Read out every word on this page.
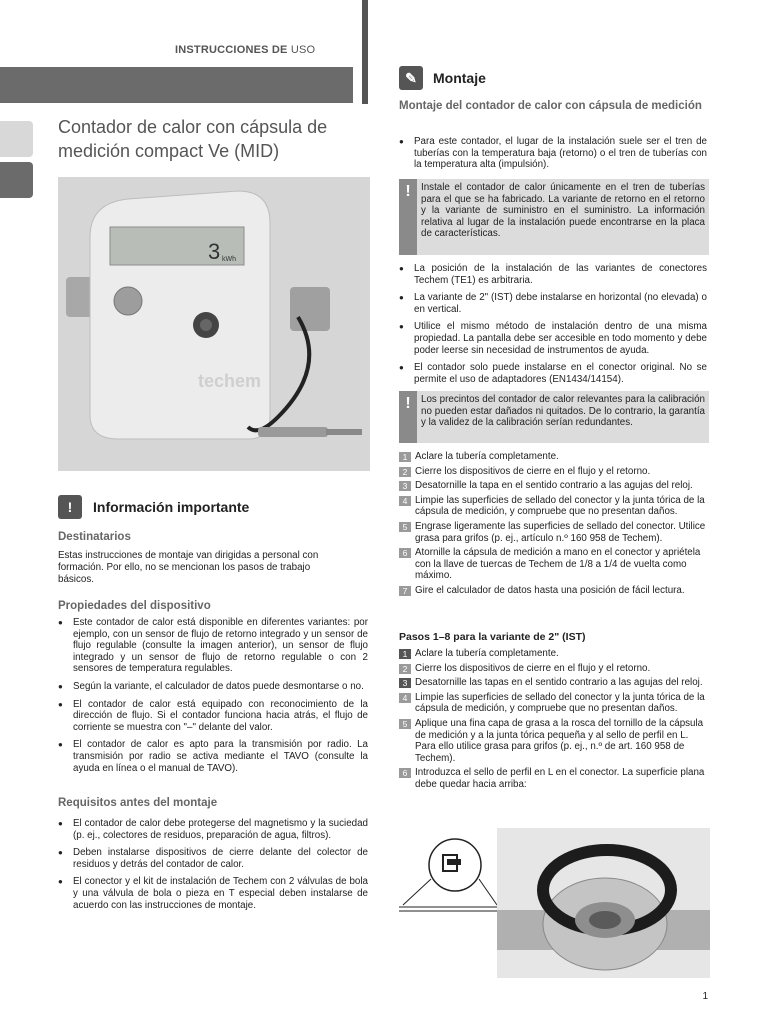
INSTRUCCIONES DE USO
Contador de calor con cápsula de medición compact Ve (MID)
3 kWh
techem
!	Información importante
Destinatarios
Estas instrucciones de montaje van dirigidas a personal con formación. Por ello, no se mencionan los pasos de trabajo básicos.
Propiedades del dispositivo
● Este contador de calor está disponible en diferentes variantes: por ejemplo, con un sensor de flujo de retorno integrado y un sensor de flujo regulable (consulte la imagen anterior), un sensor de flujo integrado y un sensor de flujo de retorno regulable o con 2 sensores de temperatura regulables.
● Según la variante, el calculador de datos puede desmontarse o no.
● El contador de calor está equipado con reconocimiento de la dirección de flujo. Si el contador funciona hacia atrás, el flujo de corriente se muestra con "–" delante del valor.
● El contador de calor es apto para la transmisión por radio. La transmisión por radio se activa mediante el TAVO (consulte la ayuda en línea o el manual de TAVO).
Requisitos antes del montaje
● El contador de calor debe protegerse del magnetismo y la suciedad (p. ej., colectores de residuos, preparación de agua, filtros).
● Deben instalarse dispositivos de cierre delante del colector de residuos y detrás del contador de calor.
● El conector y el kit de instalación de Techem con 2 válvulas de bola y una válvula de bola o pieza en T especial deben instalarse de acuerdo con las instrucciones de montaje.
✎	Montaje
Montaje del contador de calor con cápsula de medición
● Para este contador, el lugar de la instalación suele ser el tren de tuberías con la temperatura baja (retorno) o el tren de tuberías con la temperatura alta (impulsión).
!	Instale el contador de calor únicamente en el tren de tuberías para el que se ha fabricado. La variante de retorno en el retorno y la variante de suministro en el suministro. La información relativa al lugar de la instalación puede encontrarse en la placa de características.
● La posición de la instalación de las variantes de conectores Techem (TE1) es arbitraria.
● La variante de 2" (IST) debe instalarse en horizontal (no elevada) o en vertical.
● Utilice el mismo método de instalación dentro de una misma propiedad. La pantalla debe ser accesible en todo momento y debe poder leerse sin necesidad de instrumentos de ayuda.
● El contador solo puede instalarse en el conector original. No se permite el uso de adaptadores (EN1434/14154).
!	Los precintos del contador de calor relevantes para la calibración no pueden estar dañados ni quitados. De lo contrario, la garantía y la validez de la calibración serían redundantes.
1 Aclare la tubería completamente.
2 Cierre los dispositivos de cierre en el flujo y el retorno.
3 Desatornille la tapa en el sentido contrario a las agujas del reloj.
4 Limpie las superficies de sellado del conector y la junta tórica de la cápsula de medición, y compruebe que no presentan daños.
5 Engrase ligeramente las superficies de sellado del conector. Utilice grasa para grifos (p. ej., artículo n.º 160 958 de Techem).
6 Atornille la cápsula de medición a mano en el conector y apriétela con la llave de tuercas de Techem de 1/8 a 1/4 de vuelta como máximo.
7 Gire el calculador de datos hasta una posición de fácil lectura.
Pasos 1–8 para la variante de 2" (IST)
1 Aclare la tubería completamente.
2 Cierre los dispositivos de cierre en el flujo y el retorno.
3 Desatornille las tapas en el sentido contrario a las agujas del reloj.
4 Limpie las superficies de sellado del conector y la junta tórica de la cápsula de medición, y compruebe que no presentan daños.
5 Aplique una fina capa de grasa a la rosca del tornillo de la cápsula de medición y a la junta tórica pequeña y al sello de perfil en L. Para ello utilice grasa para grifos (p. ej., n.º de art. 160 958 de Techem).
6 Introduzca el sello de perfil en L en el conector. La superficie plana debe quedar hacia arriba:
1
